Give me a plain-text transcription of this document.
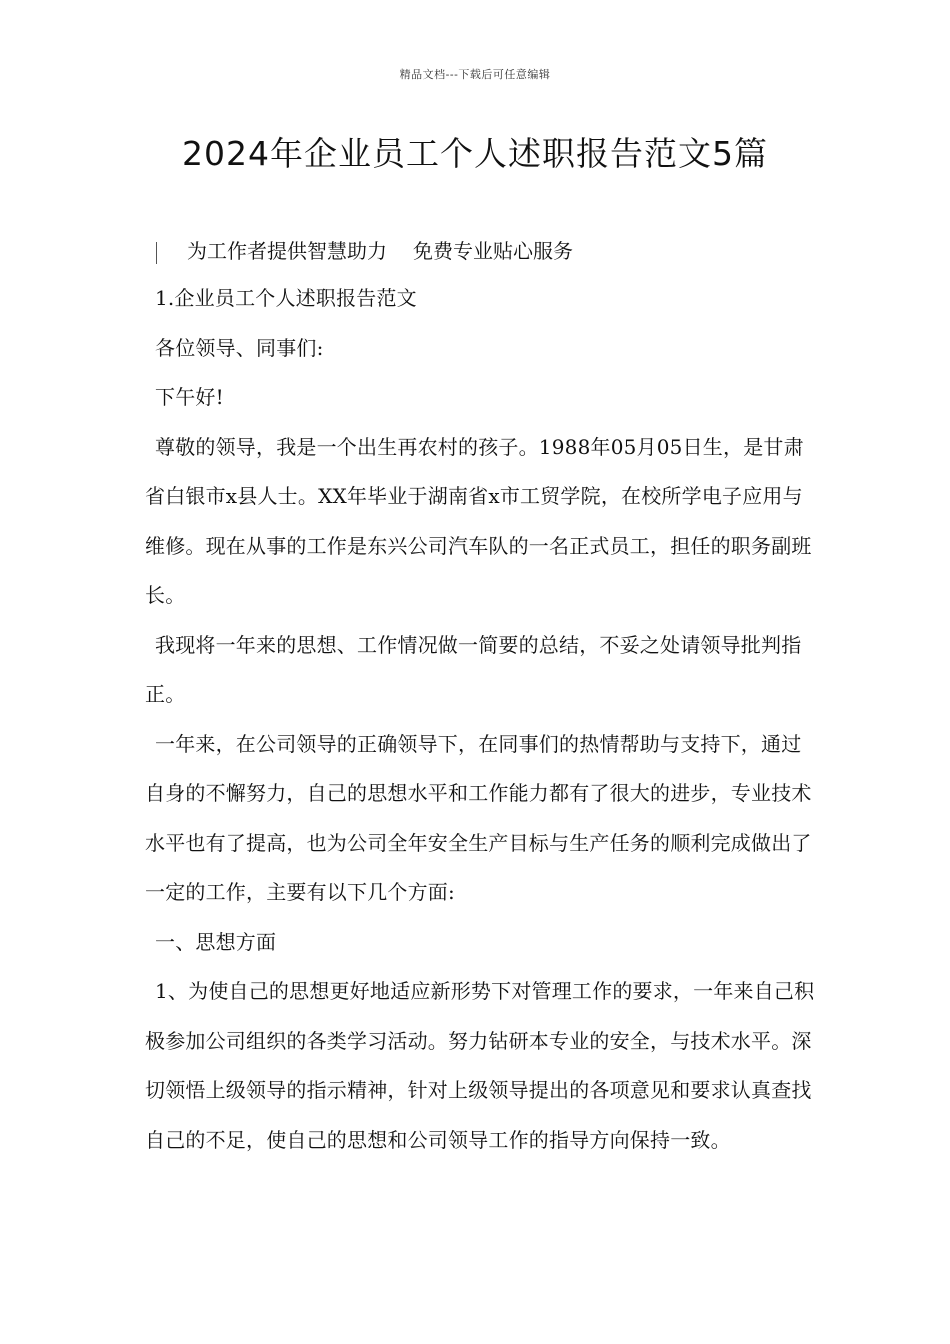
精品文档---下载后可任意编辑
2024年企业员工个人述职报告范文5篇
为工作者提供智慧助力 免费专业贴心服务

1.企业员工个人述职报告范文

各位领导、同事们:

下午好!

尊敬的领导，我是一个出生再农村的孩子。1988年05月05日生，是甘肃省白银市x县人士。XX年毕业于湖南省x市工贸学院，在校所学电子应用与维修。现在从事的工作是东兴公司汽车队的一名正式员工，担任的职务副班长。

我现将一年来的思想、工作情况做一简要的总结，不妥之处请领导批判指正。

一年来，在公司领导的正确领导下，在同事们的热情帮助与支持下，通过自身的不懈努力，自己的思想水平和工作能力都有了很大的进步，专业技术水平也有了提高，也为公司全年安全生产目标与生产任务的顺利完成做出了一定的工作，主要有以下几个方面:

一、思想方面

1、为使自己的思想更好地适应新形势下对管理工作的要求，一年来自己积极参加公司组织的各类学习活动。努力钻研本专业的安全，与技术水平。深切领悟上级领导的指示精神，针对上级领导提出的各项意见和要求认真查找自己的不足，使自己的思想和公司领导工作的指导方向保持一致。
